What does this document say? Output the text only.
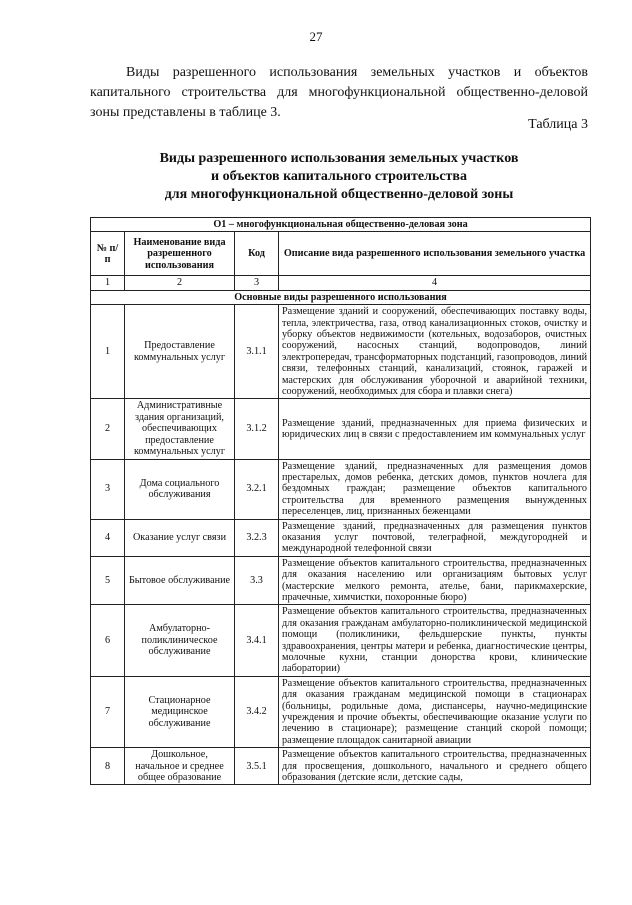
27

Виды разрешенного использования земельных участков и объектов капитального строительства для многофункциональной общественно-деловой зоны представлены в таблице 3.

Таблица 3
Виды разрешенного использования земельных участков
и объектов капитального строительства
для многофункциональной общественно-деловой зоны
О1 – многофункциональная общественно-деловая зона			
№ п/п	Наименование вида разрешенного использования	Код	Описание вида разрешенного использования земельного участка
1	2	3	4
Основные виды разрешенного использования			
1	Предоставление коммунальных услуг	3.1.1	Размещение зданий и сооружений, обеспечивающих поставку воды, тепла, электричества, газа, отвод канализационных стоков, очистку и уборку объектов недвижимости (котельных, водозаборов, очистных сооружений, насосных станций, водопроводов, линий электропередач, трансформаторных подстанций, газопроводов, линий связи, телефонных станций, канализаций, стоянок, гаражей и мастерских для обслуживания уборочной и аварийной техники, сооружений, необходимых для сбора и плавки снега)
2	Административные здания организаций, обеспечивающих предоставление коммунальных услуг	3.1.2	Размещение зданий, предназначенных для приема физических и юридических лиц в связи с предоставлением им коммунальных услуг
3	Дома социального обслуживания	3.2.1	Размещение зданий, предназначенных для размещения домов престарелых, домов ребенка, детских домов, пунктов ночлега для бездомных граждан; размещение объектов капитального строительства для временного размещения вынужденных переселенцев, лиц, признанных беженцами
4	Оказание услуг связи	3.2.3	Размещение зданий, предназначенных для размещения пунктов оказания услуг почтовой, телеграфной, междугородней и международной телефонной связи
5	Бытовое обслуживание	3.3	Размещение объектов капитального строительства, предназначенных для оказания населению или организациям бытовых услуг (мастерские мелкого ремонта, ателье, бани, парикмахерские, прачечные, химчистки, похоронные бюро)
6	Амбулаторно-поликлиническое обслуживание	3.4.1	Размещение объектов капитального строительства, предназначенных для оказания гражданам амбулаторно-поликлинической медицинской помощи (поликлиники, фельдшерские пункты, пункты здравоохранения, центры матери и ребенка, диагностические центры, молочные кухни, станции донорства крови, клинические лаборатории)
7	Стационарное медицинское обслуживание	3.4.2	Размещение объектов капитального строительства, предназначенных для оказания гражданам медицинской помощи в стационарах (больницы, родильные дома, диспансеры, научно-медицинские учреждения и прочие объекты, обеспечивающие оказание услуги по лечению в стационаре); размещение станций скорой помощи; размещение площадок санитарной авиации
8	Дошкольное, начальное и среднее общее образование	3.5.1	Размещение объектов капитального строительства, предназначенных для просвещения, дошкольного, начального и среднего общего образования (детские ясли, детские сады,
